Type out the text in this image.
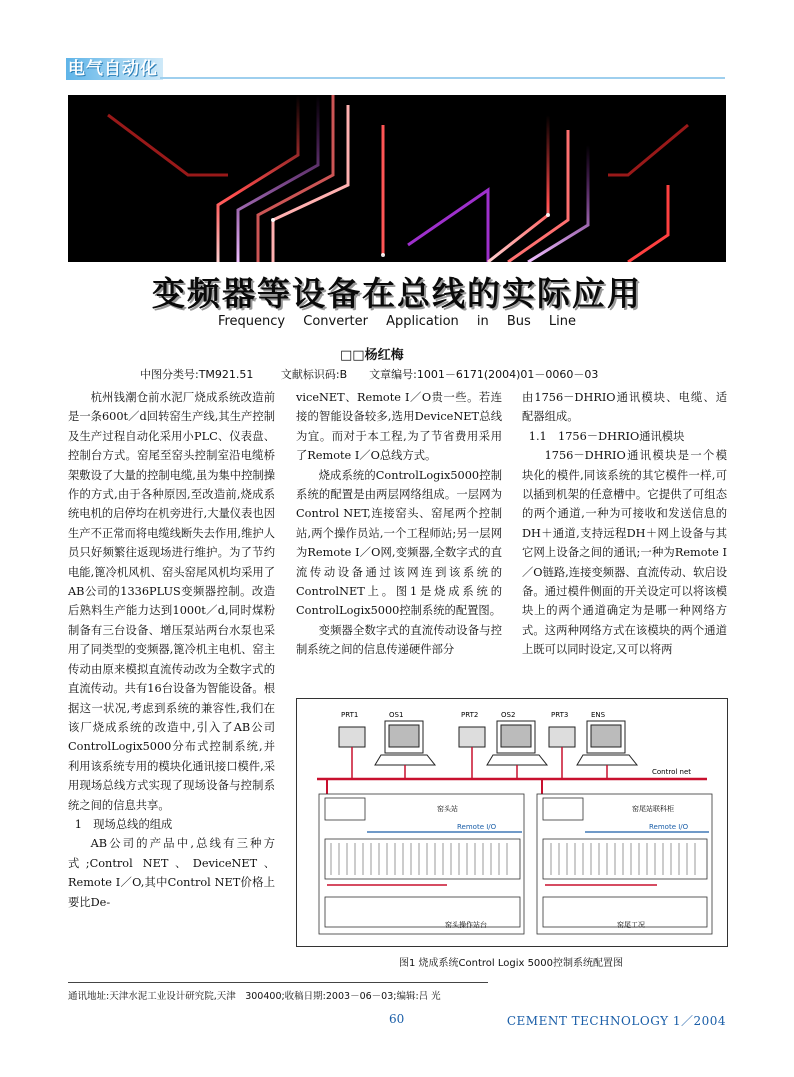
电气自动化
变频器等设备在总线的实际应用

Frequency Converter Application in Bus Line

□□杨红梅
中图分类号:TM921.51 文献标识码:B 文章编号:1001－6171(2004)01－0060－03

杭州钱潮仓前水泥厂烧成系统改造前是一条600t／d回转窑生产线,其生产控制及生产过程自动化采用小PLC、仪表盘、控制台方式。窑尾至窑头控制室沿电缆桥架敷设了大量的控制电缆,虽为集中控制操作的方式,由于各种原因,至改造前,烧成系统电机的启停均在机旁进行,大量仪表也因生产不正常而将电缆线断失去作用,维护人员只好频繁往返现场进行维护。为了节约电能,篦冷机风机、窑头窑尾风机均采用了AB公司的1336PLUS变频器控制。改造后熟料生产能力达到1000t／d,同时煤粉制备有三台设备、增压泵站两台水泵也采用了同类型的变频器,篦冷机主电机、窑主传动由原来模拟直流传动改为全数字式的直流传动。共有16台设备为智能设备。根据这一状况,考虑到系统的兼容性,我们在该厂烧成系统的改造中,引入了AB公司ControlLogix5000分布式控制系统,并利用该系统专用的模块化通讯接口模件,采用现场总线方式实现了现场设备与控制系统之间的信息共享。

1　现场总线的组成

AB公司的产品中,总线有三种方式;Control NET、DeviceNET、Remote I／O,其中Control NET价格上要比De-

viceNET、Remote I／O贵一些。若连接的智能设备较多,选用DeviceNET总线为宜。而对于本工程,为了节省费用采用了Remote I／O总线方式。

烧成系统的ControlLogix5000控制系统的配置是由两层网络组成。一层网为Control NET,连接窑头、窑尾两个控制站,两个操作员站,一个工程师站;另一层网为Remote I／O网,变频器,全数字式的直流传动设备通过该网连到该系统的ControlNET上。图1是烧成系统的ControlLogix5000控制系统的配置图。

变频器全数字式的直流传动设备与控制系统之间的信息传递硬件部分

由1756－DHRIO通讯模块、电缆、适配器组成。

1.1　1756－DHRIO通讯模块

1756－DHRIO通讯模块是一个模块化的模件,同该系统的其它模件一样,可以插到机架的任意槽中。它提供了可组态的两个通道,一种为可接收和发送信息的DH＋通道,支持远程DH＋网上设备与其它网上设备之间的通讯;一种为Remote I／O链路,连接变频器、直流传动、软启设备。通过模件侧面的开关设定可以将该模块上的两个通道确定为是哪一种网络方式。这两种网络方式在该模块的两个通道上既可以同时设定,又可以将两

PRT1	OS1	PRT2	OS2	PRT3	ENS
Control net
窑头站
Remote I/O
窑头操作站台
窑尾站联科柜
Remote I/O
窑尾工况
图1 烧成系统Control Logix 5000控制系统配置图
通讯地址:天津水泥工业设计研究院,天津　300400;收稿日期:2003－06－03;编辑:吕 光
60	CEMENT TECHNOLOGY 1／2004
